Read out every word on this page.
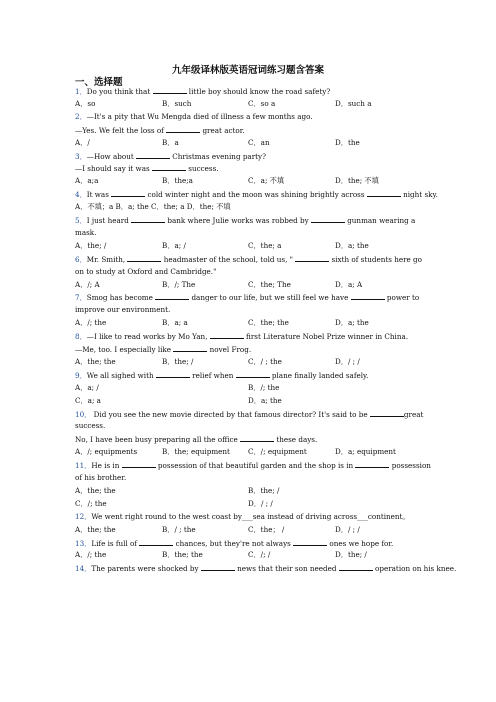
九年级译林版英语冠词练习题含答案
一、选择题
1．Do you think that	little boy should know the road safety?
A．so	B．such	C．so a	D．such a
2．—It's a pity that Wu Mengda died of illness a few months ago.
—Yes. We felt the loss of	great actor.
A．/	B．a	C．an	D．the
3．—How about	Christmas evening party?
—I should say it was	success.
A．a;a	B．the;a	C．a; 不填	D．the; 不填
4．It was	cold winter night and the moon was shining brightly across	night sky.
A．不填；a B．a; the C．the; a D．the; 不填
5．I just heard	bank where Julie works was robbed by	gunman wearing a
mask.
A．the; /	B．a; /	C．the; a	D．a; the
6．Mr. Smith,	headmaster of the school, told us, "	sixth of students here go
on to study at Oxford and Cambridge."
A．/; A	B．/; The	C．the; The	D．a; A
7．Smog has become	danger to our life, but we still feel we have	power to
improve our environment.
A．/; the	B．a; a	C．the; the	D．a; the
8．—I like to read works by Mo Yan,	first Literature Nobel Prize winner in China.
—Me, too. I especially like	novel Frog.
A．the; the	B．the; /	C．/ ; the	D．/ ; /
9．We all sighed with	relief when	plane finally landed safely.
A．a; /	B．/; the
C．a; a	D．a; the
10． Did you see the new movie directed by that famous director? It's said to be	great
success.
No, I have been busy preparing all the office	these days.
A．/; equipments	B．the; equipment	C．/; equipment	D．a; equipment
11．He is in	possession of that beautiful garden and the shop is in	possession
of his brother.
A．the; the	B．the; /
C．/; the	D．/ ; /
12．We went right round to the west coast by___sea instead of driving across___continent。
A．the; the	B．/ ; the	C．the； /	D．/ ; /
13．Life is full of	chances, but they're not always	ones we hope for.
A．/; the	B．the; the	C．/; /	D．the; /
14．The parents were shocked by	news that their son needed	operation on his knee.
